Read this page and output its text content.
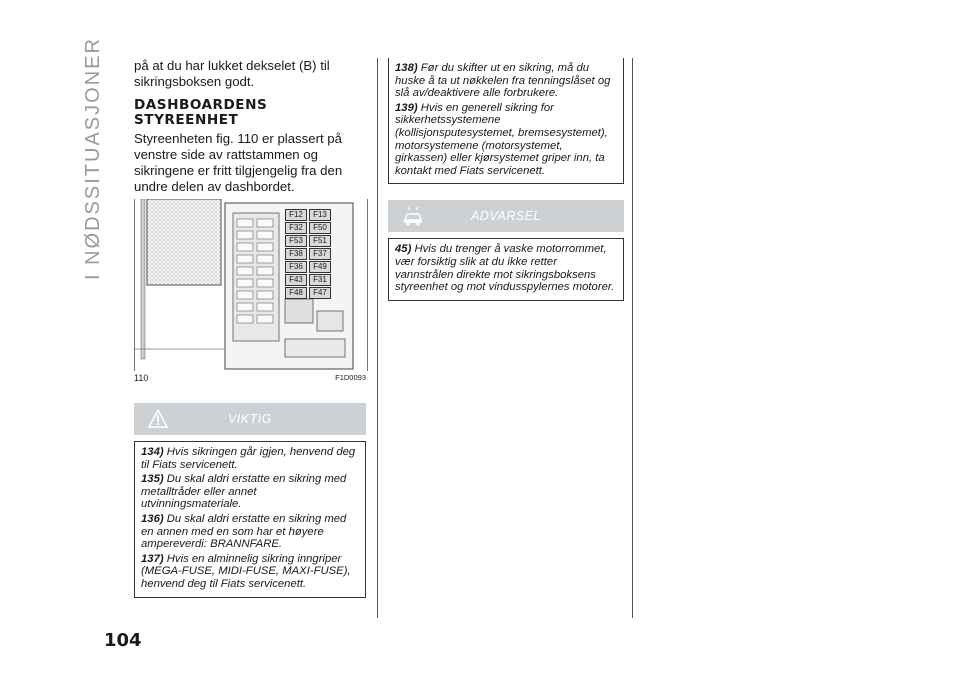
I NØDSSITUASJONER på at du har lukket dekselet (B) til sikringsboksen godt.

DASHBOARDENS STYREENHET

Styreenheten fig. 110 er plassert på venstre side av rattstammen og sikringene er fritt tilgjengelig fra den undre delen av dashbordet.

F12	F13
F32	F50
F53	F51
F38	F37
F36	F49
F43	F31
F48	F47
110	F1D0093
VIKTIG

134) Hvis sikringen går igjen, henvend deg til Fiats servicenett.

135) Du skal aldri erstatte en sikring med metalltråder eller annet utvinningsmateriale.

136) Du skal aldri erstatte en sikring med en annen med en som har et høyere ampereverdi: BRANNFARE.

137) Hvis en alminnelig sikring inngriper (MEGA-FUSE, MIDI-FUSE, MAXI-FUSE), henvend deg til Fiats servicenett.

138) Før du skifter ut en sikring, må du huske å ta ut nøkkelen fra tenningslåset og slå av/deaktivere alle forbrukere.

139) Hvis en generell sikring for sikkerhetssystemene (kollisjonsputesystemet, bremsesystemet), motorsystemene (motorsystemet, girkassen) eller kjørsystemet griper inn, ta kontakt med Fiats servicenett.

ADVARSEL

45) Hvis du trenger å vaske motorrommet, vær forsiktig slik at du ikke retter vannstrålen direkte mot sikringsboksens styreenhet og mot vindusspylernes motorer.

104
